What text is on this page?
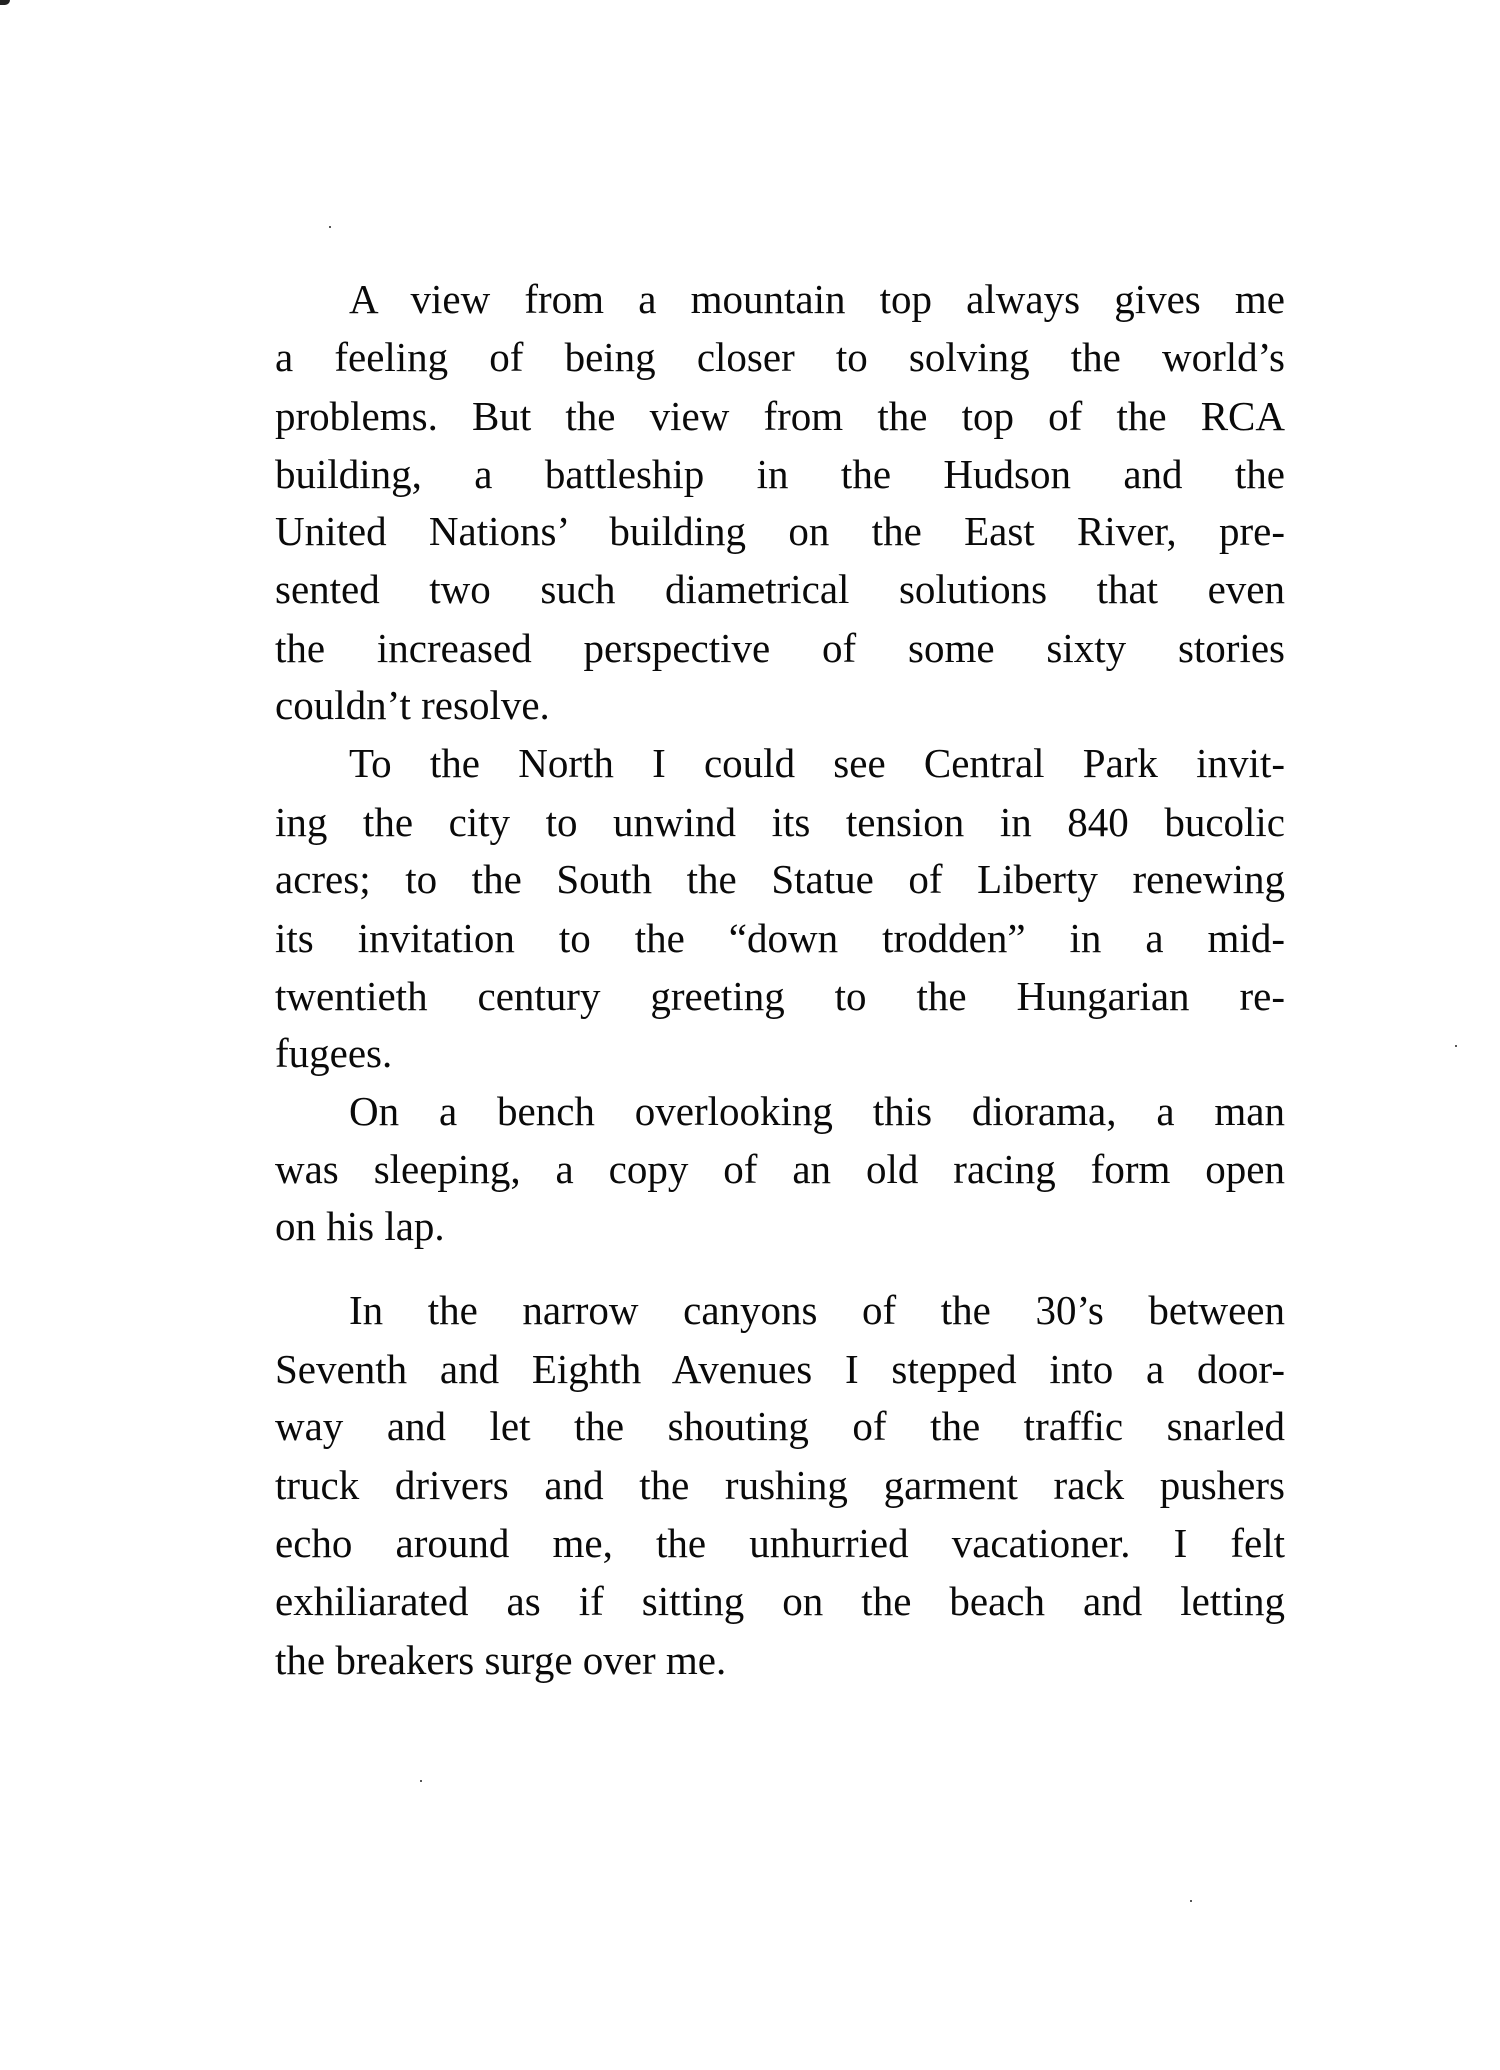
A view from a mountain top always gives me
a feeling of being closer to solving the world’s
problems. But the view from the top of the RCA
building, a battleship in the Hudson and the
United Nations’ building on the East River, pre-
sented two such diametrical solutions that even
the increased perspective of some sixty stories
couldn’t resolve.
To the North I could see Central Park invit-
ing the city to unwind its tension in 840 bucolic
acres; to the South the Statue of Liberty renewing
its invitation to the “down trodden” in a mid-
twentieth century greeting to the Hungarian re-
fugees.
On a bench overlooking this diorama, a man
was sleeping, a copy of an old racing form open
on his lap.
In the narrow canyons of the 30’s between
Seventh and Eighth Avenues I stepped into a door-
way and let the shouting of the traffic snarled
truck drivers and the rushing garment rack pushers
echo around me, the unhurried vacationer. I felt
exhiliarated as if sitting on the beach and letting
the breakers surge over me.
